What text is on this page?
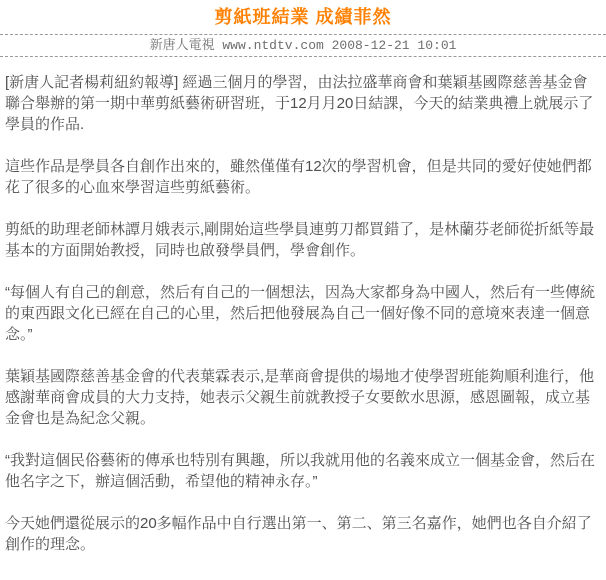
剪紙班結業 成績菲然
新唐人電視 www.ntdtv.com 2008-12-21 10:01

[新唐人記者楊莉紐約報導] 經過三個月的學習，由法拉盛華商會和葉穎基國際慈善基金會聯合舉辦的第一期中華剪紙藝術研習班，于12月月20日結課，今天的結業典禮上就展示了學員的作品.

這些作品是學員各自創作出來的，雖然僅僅有12次的學習机會，但是共同的愛好使她們都花了很多的心血來學習這些剪紙藝術。

剪紙的助理老師林譚月娥表示,剛開始這些學員連剪刀都買錯了，是林蘭芬老師從折紙等最基本的方面開始教授，同時也啟發學員們，學會創作。

“每個人有自己的創意，然后有自己的一個想法，因為大家都身為中國人，然后有一些傳統的東西跟文化已經在自己的心里，然后把他發展為自己一個好像不同的意境來表達一個意念。”

葉穎基國際慈善基金會的代表葉霖表示,是華商會提供的場地才使學習班能夠順利進行，他感謝華商會成員的大力支持，她表示父親生前就教授子女要飲水思源，感恩圖報，成立基金會也是為紀念父親。

“我對這個民俗藝術的傳承也特別有興趣，所以我就用他的名義來成立一個基金會，然后在他名字之下，辦這個活動，希望他的精神永存。”

今天她們還從展示的20多幅作品中自行選出第一、第二、第三名嘉作，她們也各自介紹了創作的理念。
